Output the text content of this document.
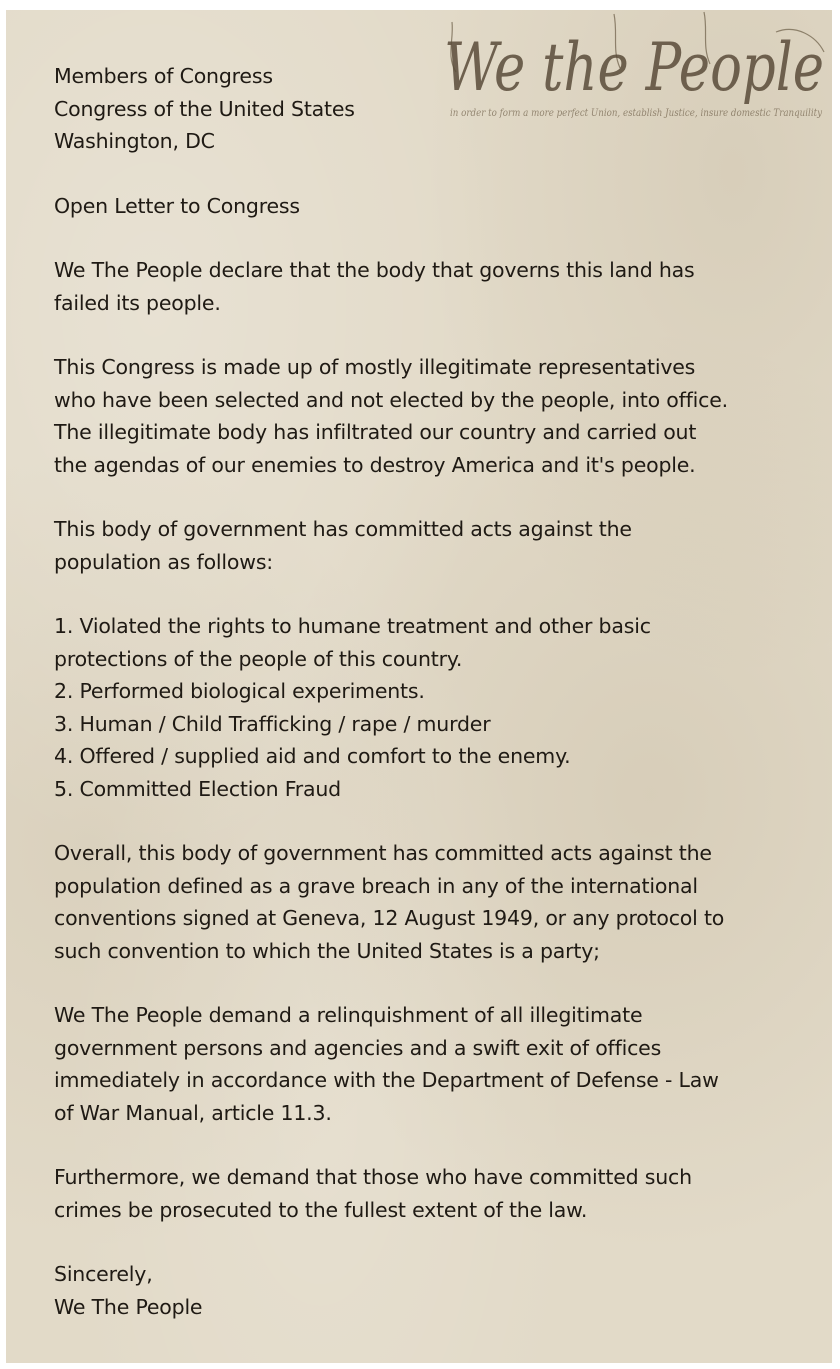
We the People
in order to form a more perfect Union, establish Justice, insure domestic Tranquility

Members of Congress

Congress of the United States

Washington, DC

Open Letter to Congress

We The People declare that the body that governs this land has

failed its people.

This Congress is made up of mostly illegitimate representatives

who have been selected and not elected by the people, into office.

The illegitimate body has infiltrated our country and carried out

the agendas of our enemies to destroy America and it's people.

This body of government has committed acts against the

population as follows:

1. Violated the rights to humane treatment and other basic

protections of the people of this country.

2. Performed biological experiments.

3. Human / Child Trafficking / rape / murder

4. Offered / supplied aid and comfort to the enemy.

5. Committed Election Fraud

Overall, this body of government has committed acts against the

population defined as a grave breach in any of the international

conventions signed at Geneva, 12 August 1949, or any protocol to

such convention to which the United States is a party;

We The People demand a relinquishment of all illegitimate

government persons and agencies and a swift exit of offices

immediately in accordance with the Department of Defense - Law

of War Manual, article 11.3.

Furthermore, we demand that those who have committed such

crimes be prosecuted to the fullest extent of the law.

Sincerely,

We The People
